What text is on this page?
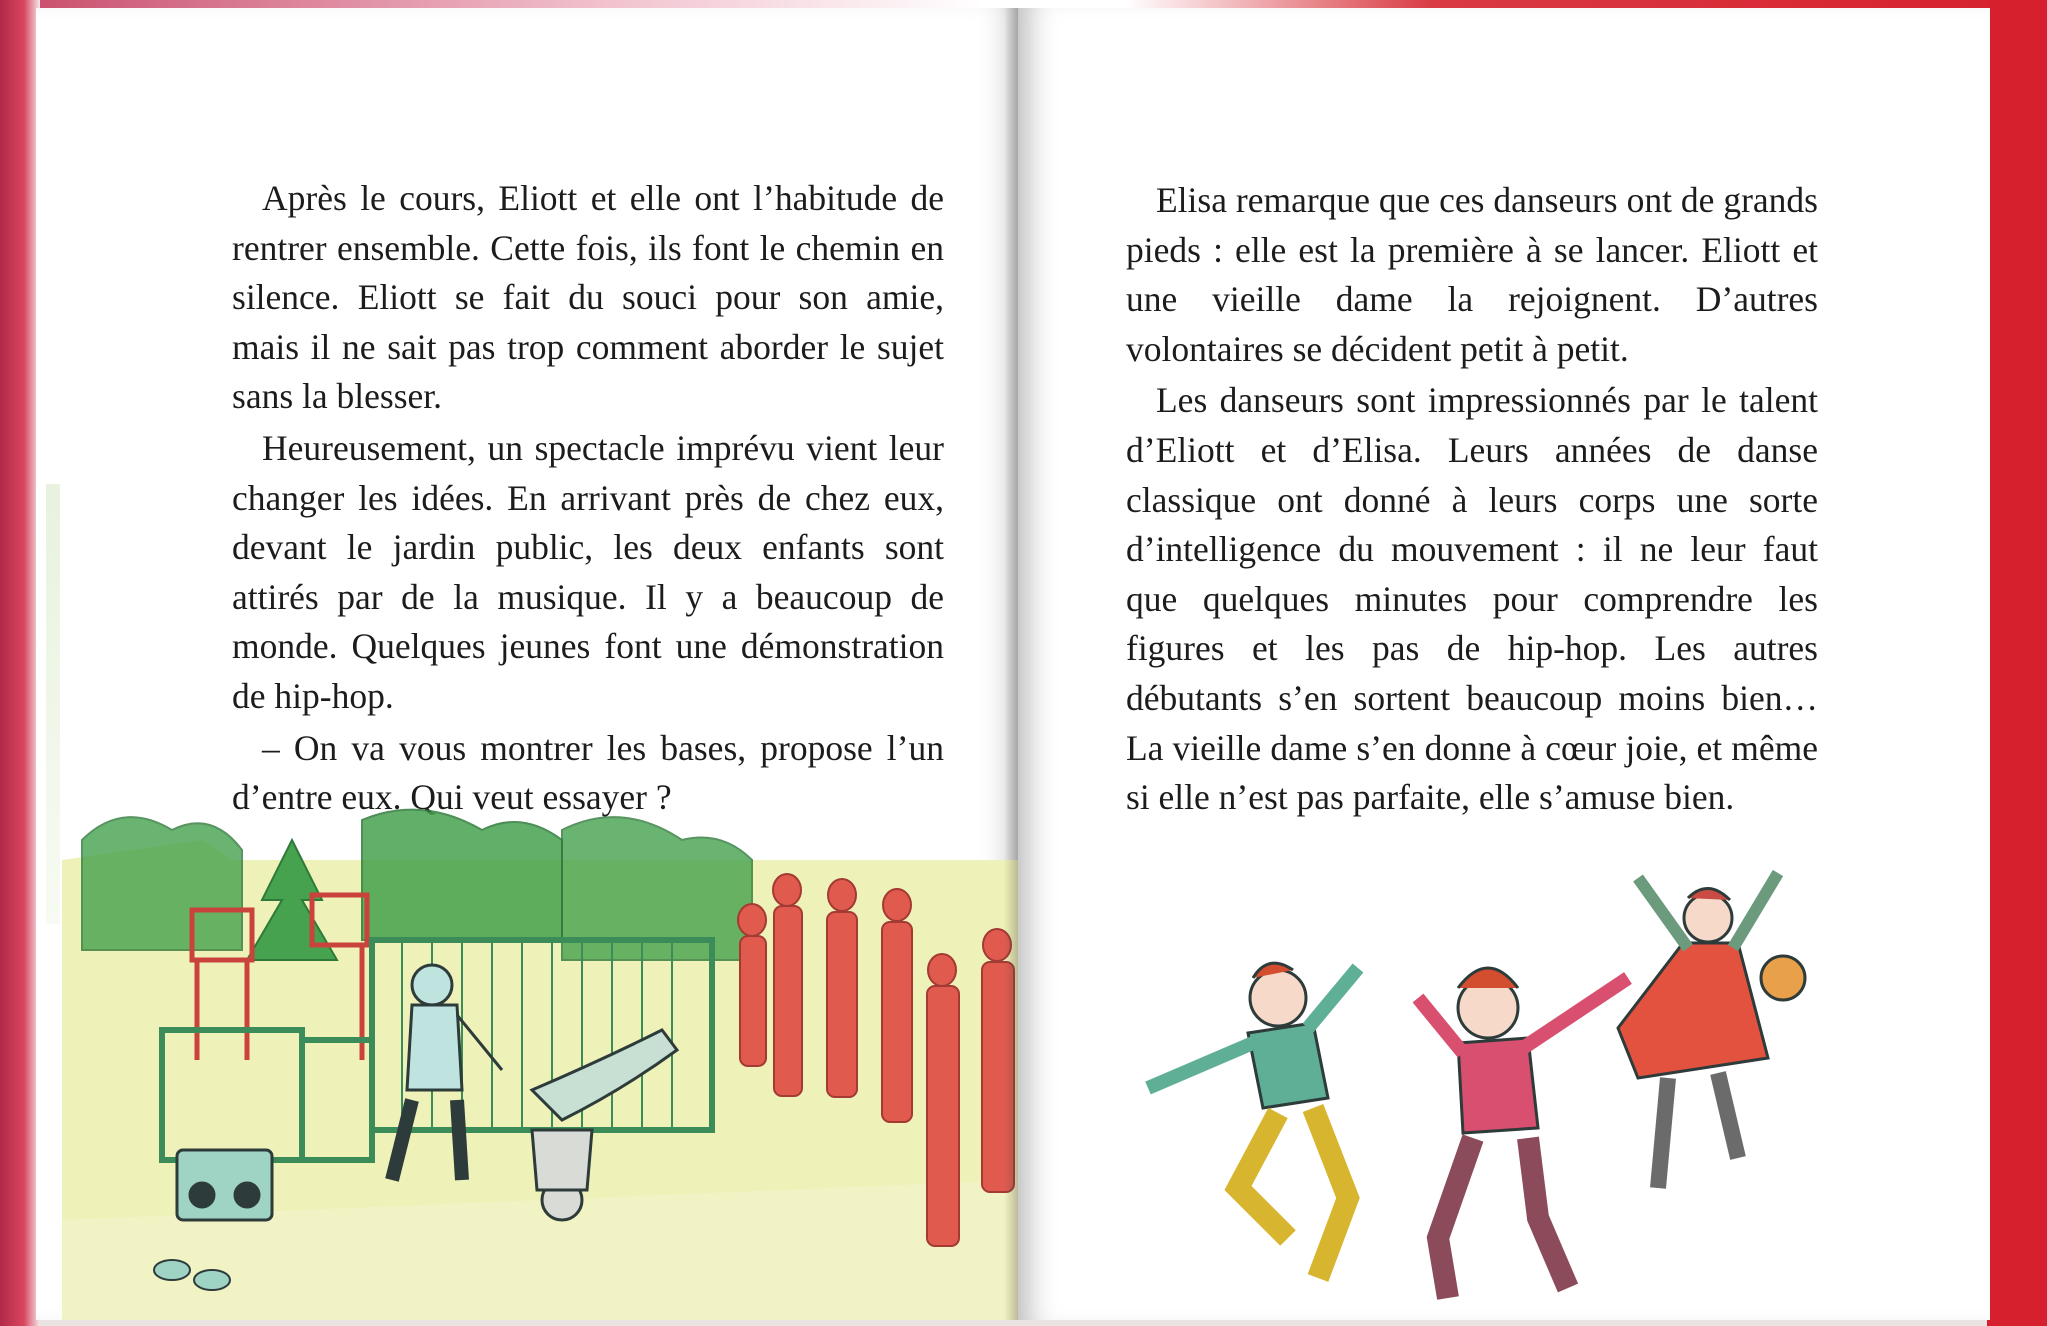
Après le cours, Eliott et elle ont l’habitude de rentrer ensemble. Cette fois, ils font le chemin en silence. Eliott se fait du souci pour son amie, mais il ne sait pas trop comment aborder le sujet sans la blesser.

Heureusement, un spectacle imprévu vient leur changer les idées. En arrivant près de chez eux, devant le jardin public, les deux enfants sont attirés par de la musique. Il y a beaucoup de monde. Quelques jeunes font une démonstration de hip-hop.

– On va vous montrer les bases, propose l’un d’entre eux. Qui veut essayer ?

Elisa remarque que ces danseurs ont de grands pieds : elle est la première à se lancer. Eliott et une vieille dame la rejoignent. D’autres volontaires se décident petit à petit.

Les danseurs sont impressionnés par le talent d’Eliott et d’Elisa. Leurs années de danse classique ont donné à leurs corps une sorte d’intelligence du mouvement : il ne leur faut que quelques minutes pour comprendre les figures et les pas de hip-hop. Les autres débutants s’en sortent beaucoup moins bien… La vieille dame s’en donne à cœur joie, et même si elle n’est pas parfaite, elle s’amuse bien.
